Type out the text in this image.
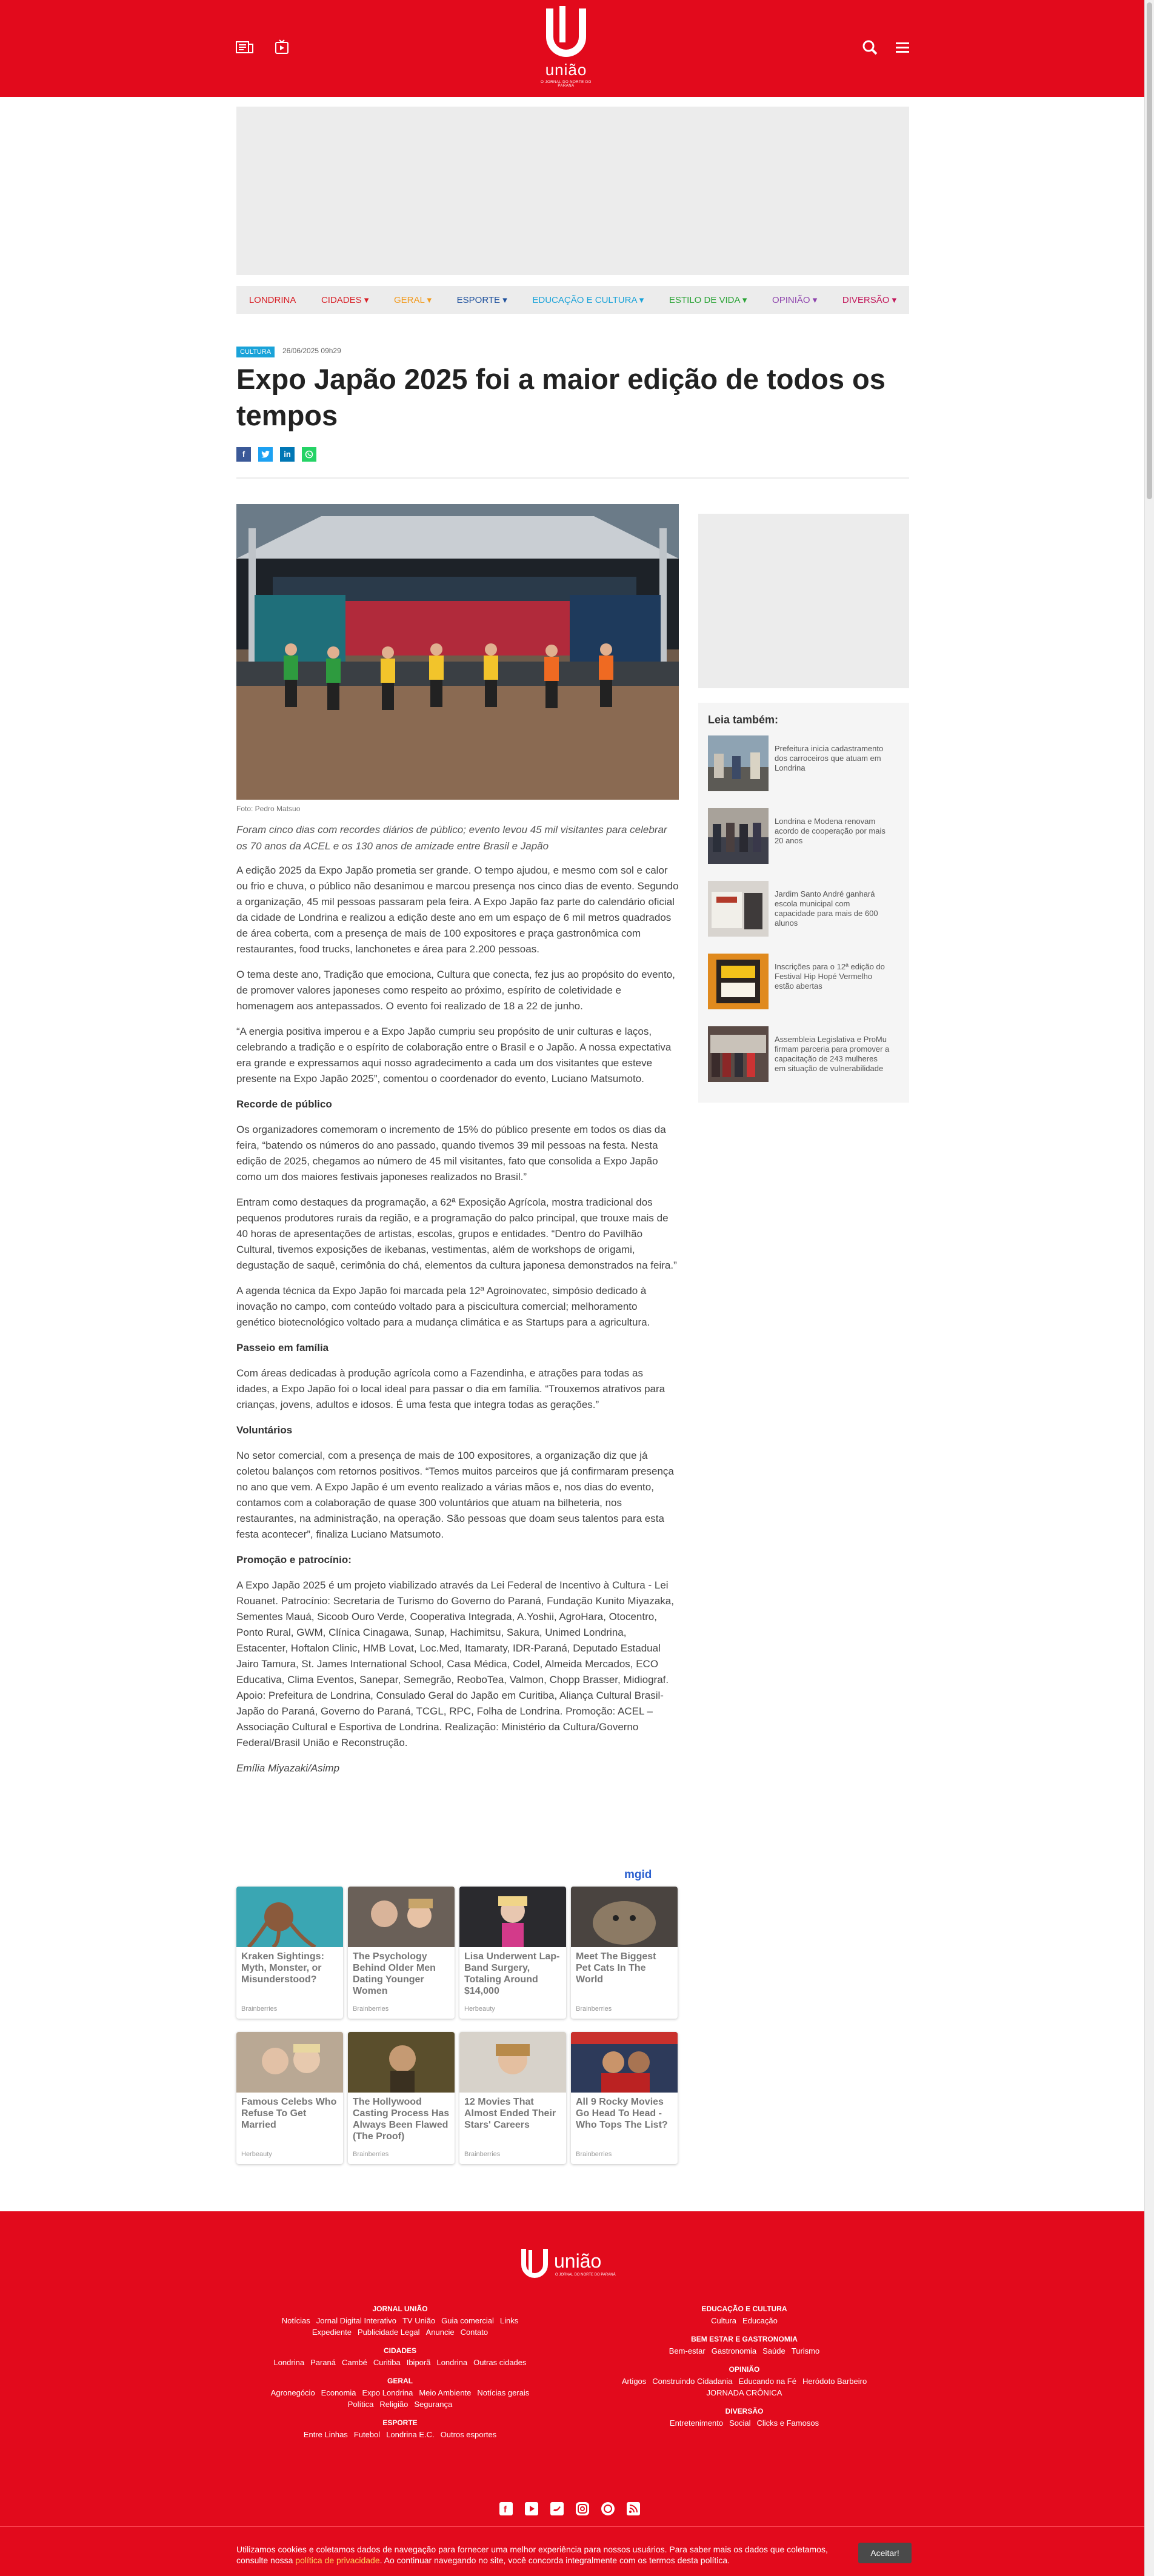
união
O JORNAL DO NORTE DO PARANÁ
LONDRINA	CIDADES ▾	GERAL ▾	ESPORTE ▾	EDUCAÇÃO E CULTURA ▾	ESTILO DE VIDA ▾	OPINIÃO ▾	DIVERSÃO ▾
CULTURA	26/06/2025 09h29
Expo Japão 2025 foi a maior edição de todos os tempos
f	in
Foto: Pedro Matsuo
Foram cinco dias com recordes diários de público; evento levou 45 mil visitantes para celebrar os 70 anos da ACEL e os 130 anos de amizade entre Brasil e Japão

A edição 2025 da Expo Japão prometia ser grande. O tempo ajudou, e mesmo com sol e calor ou frio e chuva, o público não desanimou e marcou presença nos cinco dias de evento. Segundo a organização, 45 mil pessoas passaram pela feira. A Expo Japão faz parte do calendário oficial da cidade de Londrina e realizou a edição deste ano em um espaço de 6 mil metros quadrados de área coberta, com a presença de mais de 100 expositores e praça gastronômica com restaurantes, food trucks, lanchonetes e área para 2.200 pessoas.

O tema deste ano, Tradição que emociona, Cultura que conecta, fez jus ao propósito do evento, de promover valores japoneses como respeito ao próximo, espírito de coletividade e homenagem aos antepassados. O evento foi realizado de 18 a 22 de junho.

“A energia positiva imperou e a Expo Japão cumpriu seu propósito de unir culturas e laços, celebrando a tradição e o espírito de colaboração entre o Brasil e o Japão. A nossa expectativa era grande e expressamos aqui nosso agradecimento a cada um dos visitantes que esteve presente na Expo Japão 2025”, comentou o coordenador do evento, Luciano Matsumoto.

Recorde de público

Os organizadores comemoram o incremento de 15% do público presente em todos os dias da feira, “batendo os números do ano passado, quando tivemos 39 mil pessoas na festa. Nesta edição de 2025, chegamos ao número de 45 mil visitantes, fato que consolida a Expo Japão como um dos maiores festivais japoneses realizados no Brasil.”

Entram como destaques da programação, a 62ª Exposição Agrícola, mostra tradicional dos pequenos produtores rurais da região, e a programação do palco principal, que trouxe mais de 40 horas de apresentações de artistas, escolas, grupos e entidades. “Dentro do Pavilhão Cultural, tivemos exposições de ikebanas, vestimentas, além de workshops de origami, degustação de saquê, cerimônia do chá, elementos da cultura japonesa demonstrados na feira.”

A agenda técnica da Expo Japão foi marcada pela 12ª Agroinovatec, simpósio dedicado à inovação no campo, com conteúdo voltado para a piscicultura comercial; melhoramento genético biotecnológico voltado para a mudança climática e as Startups para a agricultura.

Passeio em família

Com áreas dedicadas à produção agrícola como a Fazendinha, e atrações para todas as idades, a Expo Japão foi o local ideal para passar o dia em família. “Trouxemos atrativos para crianças, jovens, adultos e idosos. É uma festa que integra todas as gerações.”

Voluntários

No setor comercial, com a presença de mais de 100 expositores, a organização diz que já coletou balanços com retornos positivos. “Temos muitos parceiros que já confirmaram presença no ano que vem. A Expo Japão é um evento realizado a várias mãos e, nos dias do evento, contamos com a colaboração de quase 300 voluntários que atuam na bilheteria, nos restaurantes, na administração, na operação. São pessoas que doam seus talentos para esta festa acontecer”, finaliza Luciano Matsumoto.

Promoção e patrocínio:

A Expo Japão 2025 é um projeto viabilizado através da Lei Federal de Incentivo à Cultura - Lei Rouanet. Patrocínio: Secretaria de Turismo do Governo do Paraná, Fundação Kunito Miyazaka, Sementes Mauá, Sicoob Ouro Verde, Cooperativa Integrada, A.Yoshii, AgroHara, Otocentro, Ponto Rural, GWM, Clínica Cinagawa, Sunap, Hachimitsu, Sakura, Unimed Londrina, Estacenter, Hoftalon Clinic, HMB Lovat, Loc.Med, Itamaraty, IDR-Paraná, Deputado Estadual Jairo Tamura, St. James International School, Casa Médica, Codel, Almeida Mercados, ECO Educativa, Clima Eventos, Sanepar, Semegrão, ReoboTea, Valmon, Chopp Brasser, Midiograf. Apoio: Prefeitura de Londrina, Consulado Geral do Japão em Curitiba, Aliança Cultural Brasil-Japão do Paraná, Governo do Paraná, TCGL, RPC, Folha de Londrina. Promoção: ACEL – Associação Cultural e Esportiva de Londrina. Realização: Ministério da Cultura/Governo Federal/Brasil União e Reconstrução.

Emília Miyazaki/Asimp

Leia também:
Prefeitura inicia cadastramento dos carroceiros que atuam em Londrina
Londrina e Modena renovam acordo de cooperação por mais 20 anos
Jardim Santo André ganhará escola municipal com capacidade para mais de 600 alunos
Inscrições para o 12ª edição do Festival Hip Hopé Vermelho estão abertas
Assembleia Legislativa e ProMu firmam parceria para promover a capacitação de 243 mulheres em situação de vulnerabilidade
mgid
Kraken Sightings: Myth, Monster, or Misunderstood?
Brainberries
The Psychology Behind Older Men Dating Younger Women
Brainberries
Lisa Underwent Lap-Band Surgery, Totaling Around $14,000
Herbeauty
Meet The Biggest Pet Cats In The World
Brainberries
Famous Celebs Who Refuse To Get Married
Herbeauty
The Hollywood Casting Process Has Always Been Flawed (The Proof)
Brainberries
12 Movies That Almost Ended Their Stars' Careers
Brainberries
All 9 Rocky Movies Go Head To Head - Who Tops The List?
Brainberries
união
O JORNAL DO NORTE DO PARANÁ
JORNAL UNIÃO
Notícias Jornal Digital Interativo TV União Guia comercial Links
Expediente Publicidade Legal Anuncie Contato
CIDADES
Londrina Paraná Cambé Curitiba Ibiporã Londrina Outras cidades
GERAL
Agronegócio Economia Expo Londrina Meio Ambiente Notícias gerais
Política Religião Segurança
ESPORTE
Entre Linhas Futebol Londrina E.C. Outros esportes
EDUCAÇÃO E CULTURA
Cultura Educação
BEM ESTAR E GASTRONOMIA
Bem-estar Gastronomia Saúde Turismo
OPINIÃO
Artigos Construindo Cidadania Educando na Fé Heródoto Barbeiro
JORNADA CRÔNICA
DIVERSÃO
Entretenimento Social Clicks e Famosos
f
Utilizamos cookies e coletamos dados de navegação para fornecer uma melhor experiência para nossos usuários. Para saber mais os dados que coletamos, consulte nossa política de privacidade. Ao continuar navegando no site, você concorda integralmente com os termos desta política.
Aceitar!
